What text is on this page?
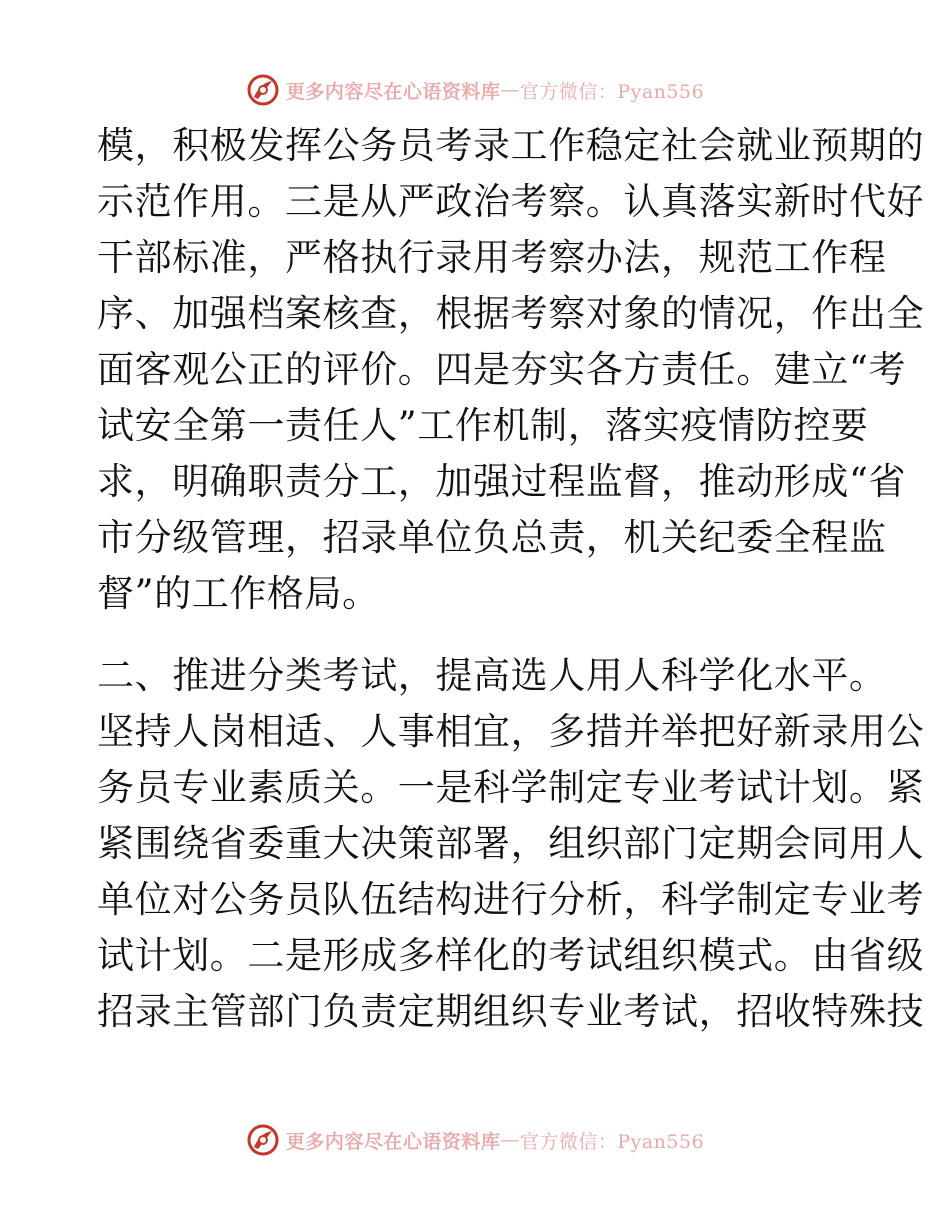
更多内容尽在心语资料库 — 官方微信：Pyan556
模，积极发挥公务员考录工作稳定社会就业预期的
示范作用。三是从严政治考察。认真落实新时代好
干部标准，严格执行录用考察办法，规范工作程
序、加强档案核查，根据考察对象的情况，作出全
面客观公正的评价。四是夯实各方责任。建立“考
试安全第一责任人”工作机制，落实疫情防控要
求，明确职责分工，加强过程监督，推动形成“省
市分级管理，招录单位负总责，机关纪委全程监
督”的工作格局。
二、推进分类考试，提高选人用人科学化水平。
坚持人岗相适、人事相宜，多措并举把好新录用公
务员专业素质关。一是科学制定专业考试计划。紧
紧围绕省委重大决策部署，组织部门定期会同用人
单位对公务员队伍结构进行分析，科学制定专业考
试计划。二是形成多样化的考试组织模式。由省级
招录主管部门负责定期组织专业考试，招收特殊技
更多内容尽在心语资料库 — 官方微信：Pyan556
